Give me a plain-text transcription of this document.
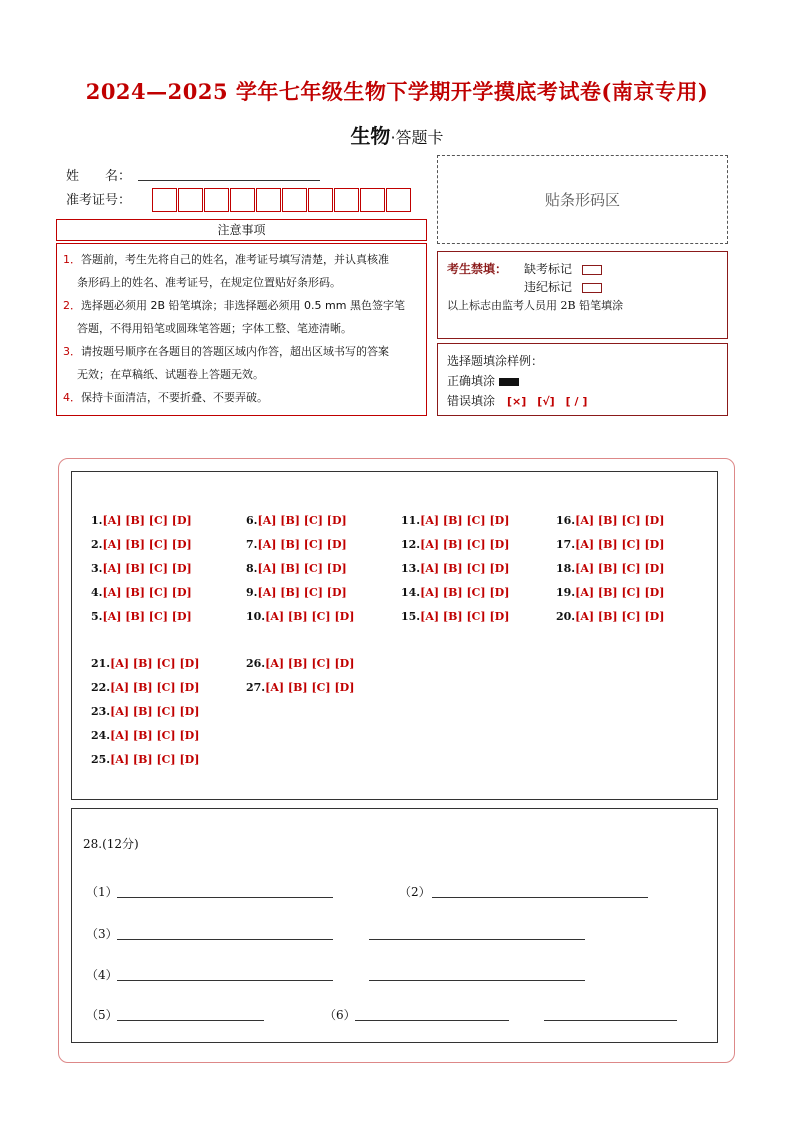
2024—2025 学年七年级生物下学期开学摸底考试卷(南京专用)
生物·答题卡
姓　　名：
准考证号：	贴条形码区
注意事项
1．答题前，考生先将自己的姓名，准考证号填写清楚，并认真核准
条形码上的姓名、准考证号，在规定位置贴好条形码。
2．选择题必须用 2B 铅笔填涂；非选择题必须用 0.5 mm 黑色签字笔
答题，不得用铅笔或圆珠笔答题；字体工整、笔迹清晰。
3．请按题号顺序在各题目的答题区域内作答，超出区域书写的答案
无效；在草稿纸、试题卷上答题无效。
4．保持卡面清洁，不要折叠、不要弄破。
考生禁填： 缺考标记
违纪标记
以上标志由监考人员用 2B 铅笔填涂
选择题填涂样例：
正确填涂
错误填涂 [×]　[√]　[ / ]
1.[A] [B] [C] [D]
2.[A] [B] [C] [D]
3.[A] [B] [C] [D]
4.[A] [B] [C] [D]
5.[A] [B] [C] [D]
6.[A] [B] [C] [D]
7.[A] [B] [C] [D]
8.[A] [B] [C] [D]
9.[A] [B] [C] [D]
10.[A] [B] [C] [D]
11.[A] [B] [C] [D]
12.[A] [B] [C] [D]
13.[A] [B] [C] [D]
14.[A] [B] [C] [D]
15.[A] [B] [C] [D]
16.[A] [B] [C] [D]
17.[A] [B] [C] [D]
18.[A] [B] [C] [D]
19.[A] [B] [C] [D]
20.[A] [B] [C] [D]
21.[A] [B] [C] [D]
22.[A] [B] [C] [D]
23.[A] [B] [C] [D]
24.[A] [B] [C] [D]
25.[A] [B] [C] [D]
26.[A] [B] [C] [D]
27.[A] [B] [C] [D]
28.(12分)
（1）	（2）
（3）
（4）
（5）	（6）
